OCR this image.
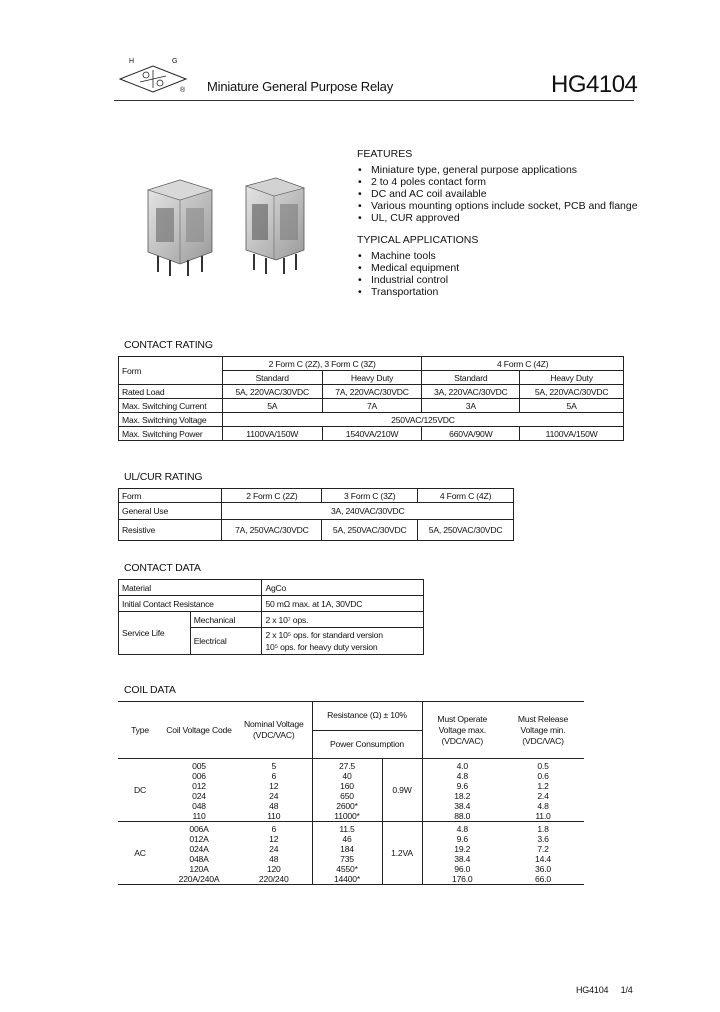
H	G
® Miniature General Purpose Relay	HG4104
FEATURES
• Miniature type, general purpose applications
• 2 to 4 poles contact form
• DC and AC coil available
• Various mounting options include socket, PCB and flange
• UL, CUR approved
TYPICAL APPLICATIONS
• Machine tools
• Medical equipment
• Industrial control
• Transportation
CONTACT RATING
Form	2 Form C (2Z), 3 Form C (3Z)		4 Form C (4Z)	
	Standard	Heavy Duty	Standard	Heavy Duty
Rated Load	5A, 220VAC/30VDC	7A, 220VAC/30VDC	3A, 220VAC/30VDC	5A, 220VAC/30VDC
Max. Switching Current	5A	7A	3A	5A
Max. Switching Voltage	250VAC/125VDC			
Max. Switching Power	1100VA/150W	1540VA/210W	660VA/90W	1100VA/150W
UL/CUR RATING
Form	2 Form C (2Z)	3 Form C (3Z)	4 Form C (4Z)
General Use	3A, 240VAC/30VDC		
Resistive	7A, 250VAC/30VDC	5A, 250VAC/30VDC	5A, 250VAC/30VDC
CONTACT DATA
Material		AgCo
Initial Contact Resistance		50 mΩ max. at 1A, 30VDC
Service Life	Mechanical	2 x 10⁷ ops.
	Electrical	2 x 10⁵ ops. for standard version
10⁵ ops. for heavy duty version
COIL DATA
Type	Coil Voltage Code	Nominal Voltage (VDC/VAC)	Resistance (Ω) ± 10%		Must Operate Voltage max. (VDC/VAC)	Must Release Voltage min. (VDC/VAC)
			Power Consumption			
DC	005	5	27.5	0.9W	4.0	0.5
	006	6	40		4.8	0.6
	012	12	160		9.6	1.2
	024	24	650		18.2	2.4
	048	48	2600*		38.4	4.8
	110	110	11000*		88.0	11.0
AC	006A	6	11.5	1.2VA	4.8	1.8
	012A	12	46		9.6	3.6
	024A	24	184		19.2	7.2
	048A	48	735		38.4	14.4
	120A	120	4550*		96.0	36.0
	220A/240A	220/240	14400*		176.0	66.0
HG4104 1/4
